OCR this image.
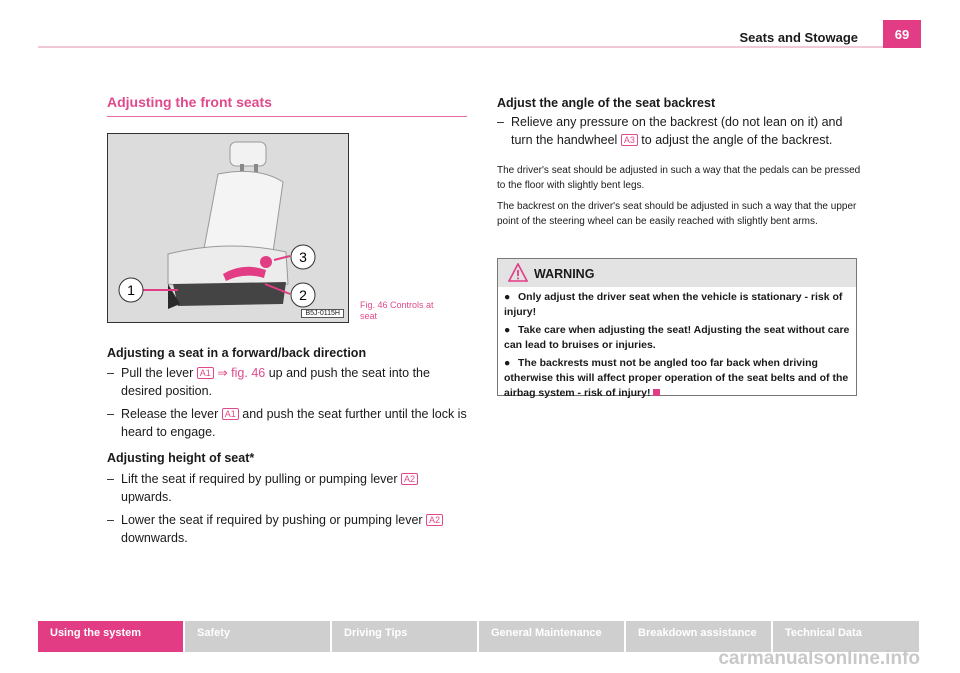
Seats and Stowage	69
Adjusting the front seats
1	2
3
B5J-0115H
Fig. 46 Controls at
seat
Adjusting a seat in a forward/back direction
– Pull the lever A1 ⇒ fig. 46 up and push the seat into the desired position.
– Release the lever A1 and push the seat further until the lock is heard to engage.
Adjusting height of seat*
– Lift the seat if required by pulling or pumping lever A2 upwards.
– Lower the seat if required by pushing or pumping lever A2 downwards.
Adjust the angle of the seat backrest
– Relieve any pressure on the backrest (do not lean on it) and turn the handwheel A3 to adjust the angle of the backrest.
The driver's seat should be adjusted in such a way that the pedals can be pressed to the floor with slightly bent legs.
The backrest on the driver's seat should be adjusted in such a way that the upper point of the steering wheel can be easily reached with slightly bent arms.
WARNING
● Only adjust the driver seat when the vehicle is stationary - risk of injury!
● Take care when adjusting the seat! Adjusting the seat without care can lead to bruises or injuries.
● The backrests must not be angled too far back when driving otherwise this will affect proper operation of the seat belts and of the airbag system - risk of injury!
Using the system	Safety	Driving Tips	General Maintenance	Breakdown assistance	Technical Data
carmanualsonline.info
